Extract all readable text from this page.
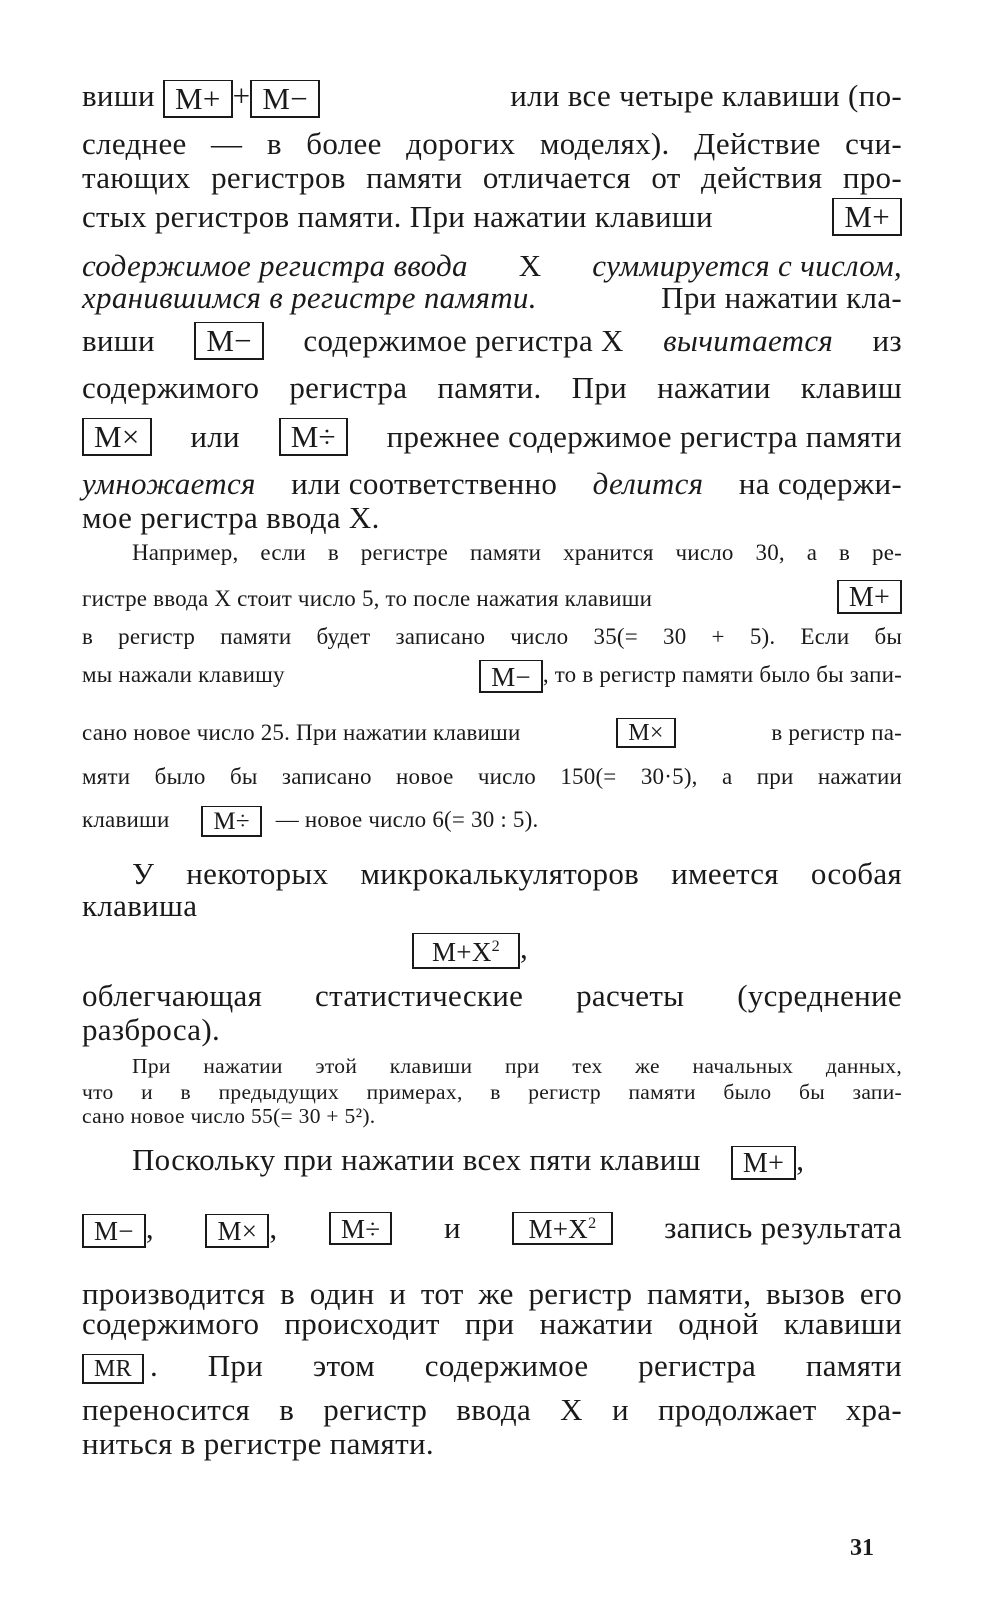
виши M+ + M−	или все четыре клавиши (по-
следнее — в более дорогих моделях). Действие счи-
тающих регистров памяти отличается от действия про-
стых регистров памяти. При нажатии клавиши	M+
содержимое регистра ввода X суммируется с числом,
хранившимся в регистре памяти.	При нажатии кла-
виши	M−	содержимое регистра X вычитается из
содержимого регистра памяти. При нажатии клавиш
M×	или	M÷	прежнее содержимое регистра памяти
умножается или соответственно делится на содержи-
мое регистра ввода X.
Например, если в регистре памяти хранится число 30, а в ре-
гистре ввода X стоит число 5, то после нажатия клавиши	M+
в регистр памяти будет записано число 35(= 30 + 5). Если бы
мы нажали клавишу	M− , то в регистр памяти было бы запи-
сано новое число 25. При нажатии клавиши	M×	в регистр па-
мяти было бы записано новое число 150(= 30·5), а при нажатии
клавиши M÷ — новое число 6(= 30 : 5).
У некоторых микрокалькуляторов имеется особая
клавиша
$M+X^2$ ,
облегчающая статистические расчеты (усреднение
разброса).
При нажатии этой клавиши при тех же начальных данных,
что и в предыдущих примерах, в регистр памяти было бы запи-
сано новое число 55(= 30 + 5²).
Поскольку при нажатии всех пяти клавиш M+ ,
M− ,	M× ,	M÷	и	$M+X^2$	запись результата
производится в один и тот же регистр памяти, вызов его
содержимого происходит при нажатии одной клавиши
MR . При этом содержимое регистра памяти
переносится в регистр ввода X и продолжает хра-
ниться в регистре памяти.
31
